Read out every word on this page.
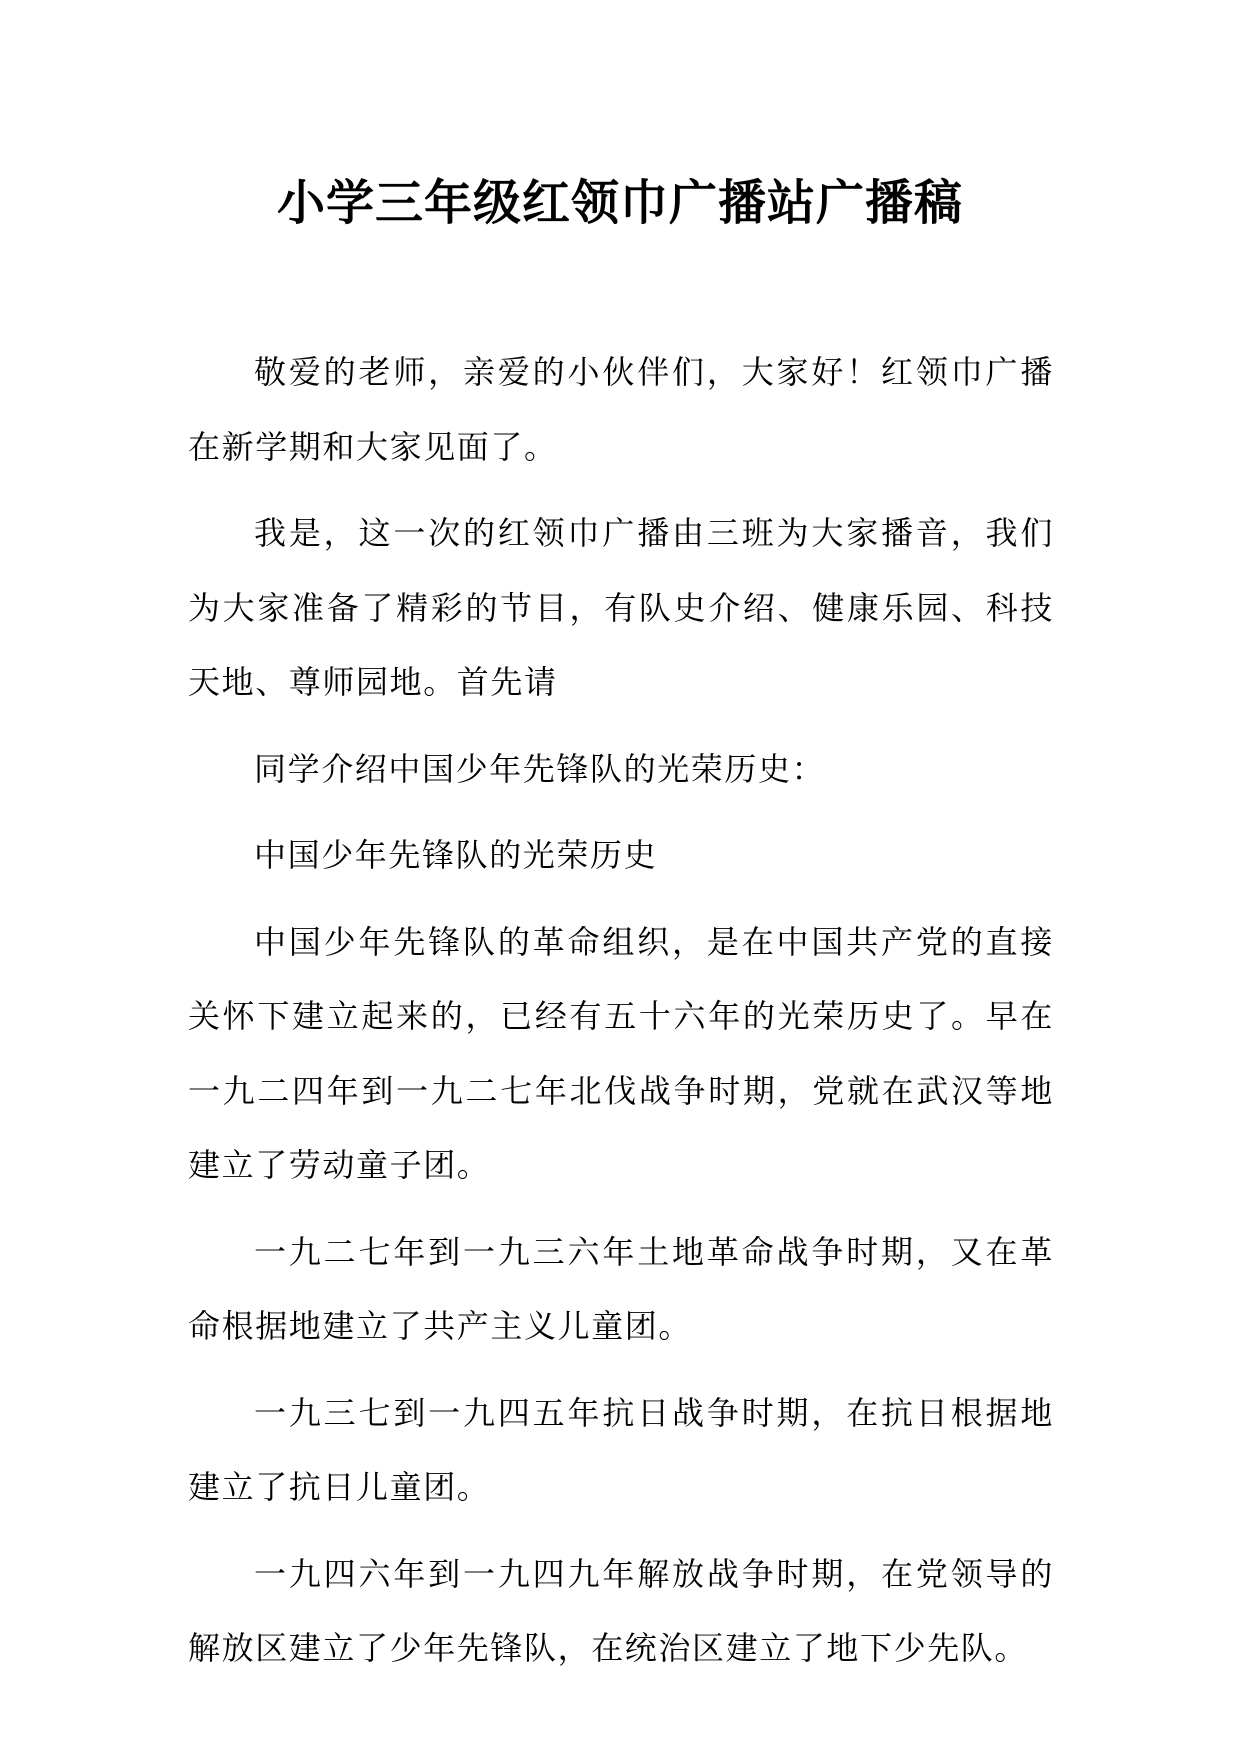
小学三年级红领巾广播站广播稿

敬爱的老师，亲爱的小伙伴们，大家好！红领巾广播在新学期和大家见面了。

我是，这一次的红领巾广播由三班为大家播音，我们为大家准备了精彩的节目，有队史介绍、健康乐园、科技天地、尊师园地。首先请

同学介绍中国少年先锋队的光荣历史：

中国少年先锋队的光荣历史

中国少年先锋队的革命组织，是在中国共产党的直接关怀下建立起来的，已经有五十六年的光荣历史了。早在一九二四年到一九二七年北伐战争时期，党就在武汉等地建立了劳动童子团。

一九二七年到一九三六年土地革命战争时期，又在革命根据地建立了共产主义儿童团。

一九三七到一九四五年抗日战争时期，在抗日根据地建立了抗日儿童团。

一九四六年到一九四九年解放战争时期，在党领导的解放区建立了少年先锋队，在统治区建立了地下少先队。
